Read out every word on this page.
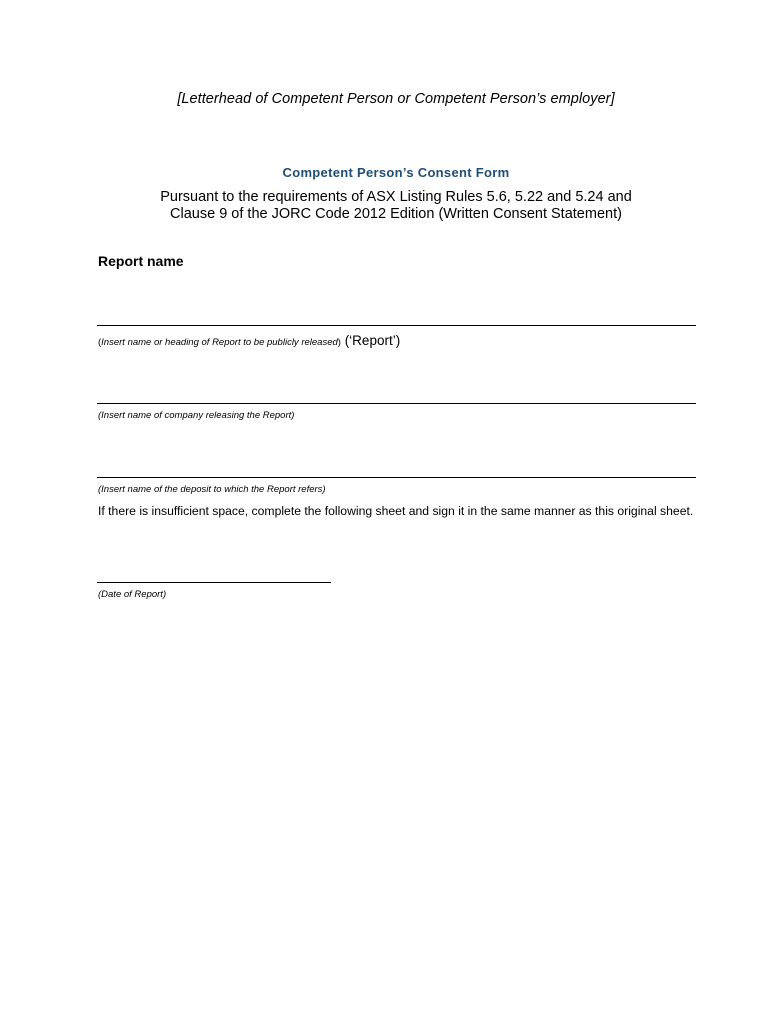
[Letterhead of Competent Person or Competent Person’s employer]
Competent Person’s Consent Form
Pursuant to the requirements of ASX Listing Rules 5.6, 5.22 and 5.24 and
Clause 9 of the JORC Code 2012 Edition (Written Consent Statement)
Report name
(Insert name or heading of Report to be publicly released) (‘Report’)
(Insert name of company releasing the Report)
(Insert name of the deposit to which the Report refers)
If there is insufficient space, complete the following sheet and sign it in the same manner as this original sheet.
(Date of Report)
